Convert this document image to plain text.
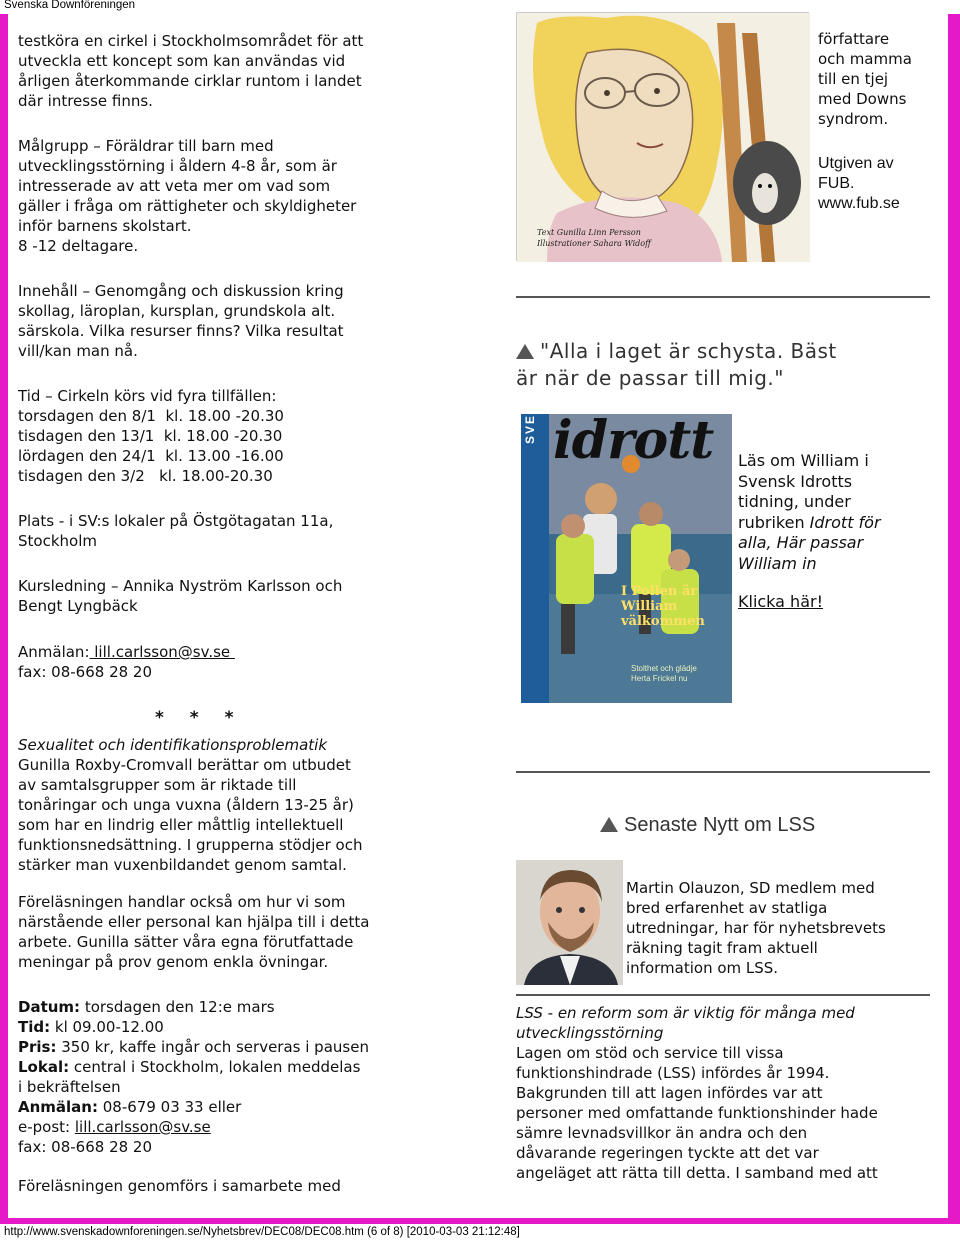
Svenska Downföreningen
testköra en cirkel i Stockholmsområdet för att
utveckla ett koncept som kan användas vid
årligen återkommande cirklar runtom i landet
där intresse finns.
Målgrupp – Föräldrar till barn med
utvecklingsstörning i åldern 4-8 år, som är
intresserade av att veta mer om vad som
gäller i fråga om rättigheter och skyldigheter
inför barnens skolstart.
8 -12 deltagare.
Innehåll – Genomgång och diskussion kring
skollag, läroplan, kursplan, grundskola alt.
särskola. Vilka resurser finns? Vilka resultat
vill/kan man nå.
Tid – Cirkeln körs vid fyra tillfällen:
torsdagen den 8/1  kl. 18.00 -20.30
tisdagen den 13/1  kl. 18.00 -20.30
lördagen den 24/1  kl. 13.00 -16.00
tisdagen den 3/2   kl. 18.00-20.30
Plats - i SV:s lokaler på Östgötagatan 11a,
Stockholm
Kursledning – Annika Nyström Karlsson och
Bengt Lyngbäck
Anmälan: lill.carlsson@sv.se
fax: 08-668 28 20
* * *
Sexualitet och identifikationsproblematik
Gunilla Roxby-Cromvall berättar om utbudet
av samtalsgrupper som är riktade till
tonåringar och unga vuxna (åldern 13-25 år)
som har en lindrig eller måttlig intellektuell
funktionsnedsättning. I grupperna stödjer och
stärker man vuxenbildandet genom samtal.
Föreläsningen handlar också om hur vi som
närstående eller personal kan hjälpa till i detta
arbete. Gunilla sätter våra egna förutfattade
meningar på prov genom enkla övningar.
Datum: torsdagen den 12:e mars
Tid: kl 09.00-12.00
Pris: 350 kr, kaffe ingår och serveras i pausen
Lokal: central i Stockholm, lokalen meddelas
i bekräftelsen
Anmälan: 08-679 03 33 eller
e-post: lill.carlsson@sv.se
fax: 08-668 28 20
Föreläsningen genomförs i samarbete med
Text Gunilla Linn Persson
Illustrationer Sahara Widoff
författare
och mamma
till en tjej
med Downs
syndrom.
Utgiven av
FUB.
www.fub.se
"Alla i laget är schysta. Bäst
är när de passar till mig."
SVENSK idrott
I Pollen är
William
välkommen
Stolthet och glädje
Herta Frickel nu
Läs om William i
Svensk Idrotts
tidning, under
rubriken Idrott för
alla, Här passar
William in
Klicka här!
Senaste Nytt om LSS
Martin Olauzon, SD medlem med
bred erfarenhet av statliga
utredningar, har för nyhetsbrevets
räkning tagit fram aktuell
information om LSS.
LSS - en reform som är viktig för många med
utvecklingsstörning
Lagen om stöd och service till vissa
funktionshindrade (LSS) infördes år 1994.
Bakgrunden till att lagen infördes var att
personer med omfattande funktionshinder hade
sämre levnadsvillkor än andra och den
dåvarande regeringen tyckte att det var
angeläget att rätta till detta. I samband med att
http://www.svenskadownforeningen.se/Nyhetsbrev/DEC08/DEC08.htm (6 of 8) [2010-03-03 21:12:48]
